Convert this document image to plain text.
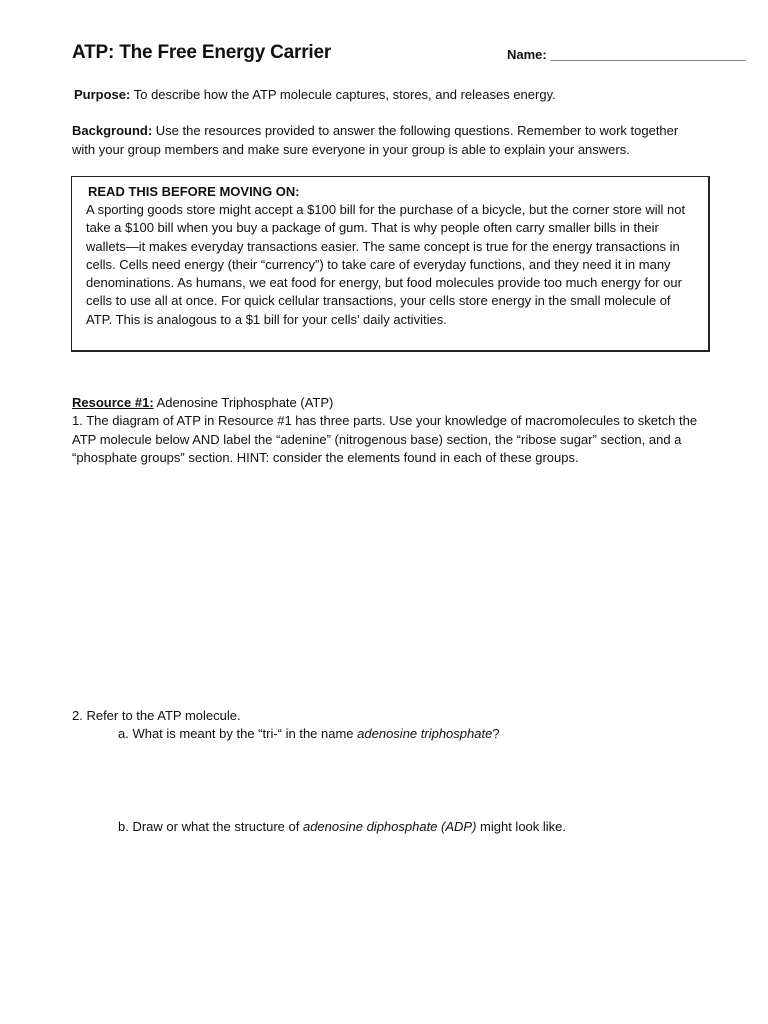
ATP: The Free Energy Carrier	Name: ___________________________

Purpose: To describe how the ATP molecule captures, stores, and releases energy.

Background: Use the resources provided to answer the following questions. Remember to work together with your group members and make sure everyone in your group is able to explain your answers.

READ THIS BEFORE MOVING ON:

A sporting goods store might accept a $100 bill for the purchase of a bicycle, but the corner store will not take a $100 bill when you buy a package of gum. That is why people often carry smaller bills in their wallets—it makes everyday transactions easier. The same concept is true for the energy transactions in cells. Cells need energy (their “currency”) to take care of everyday functions, and they need it in many denominations. As humans, we eat food for energy, but food molecules provide too much energy for our cells to use all at once. For quick cellular transactions, your cells store energy in the small molecule of ATP. This is analogous to a $1 bill for your cells’ daily activities.

Resource #1: Adenosine Triphosphate (ATP)

1. The diagram of ATP in Resource #1 has three parts. Use your knowledge of macromolecules to sketch the ATP molecule below AND label the “adenine” (nitrogenous base) section, the “ribose sugar” section, and a “phosphate groups” section. HINT: consider the elements found in each of these groups.

2. Refer to the ATP molecule.

a. What is meant by the “tri-“ in the name adenosine triphosphate?

b. Draw or what the structure of adenosine diphosphate (ADP) might look like.
